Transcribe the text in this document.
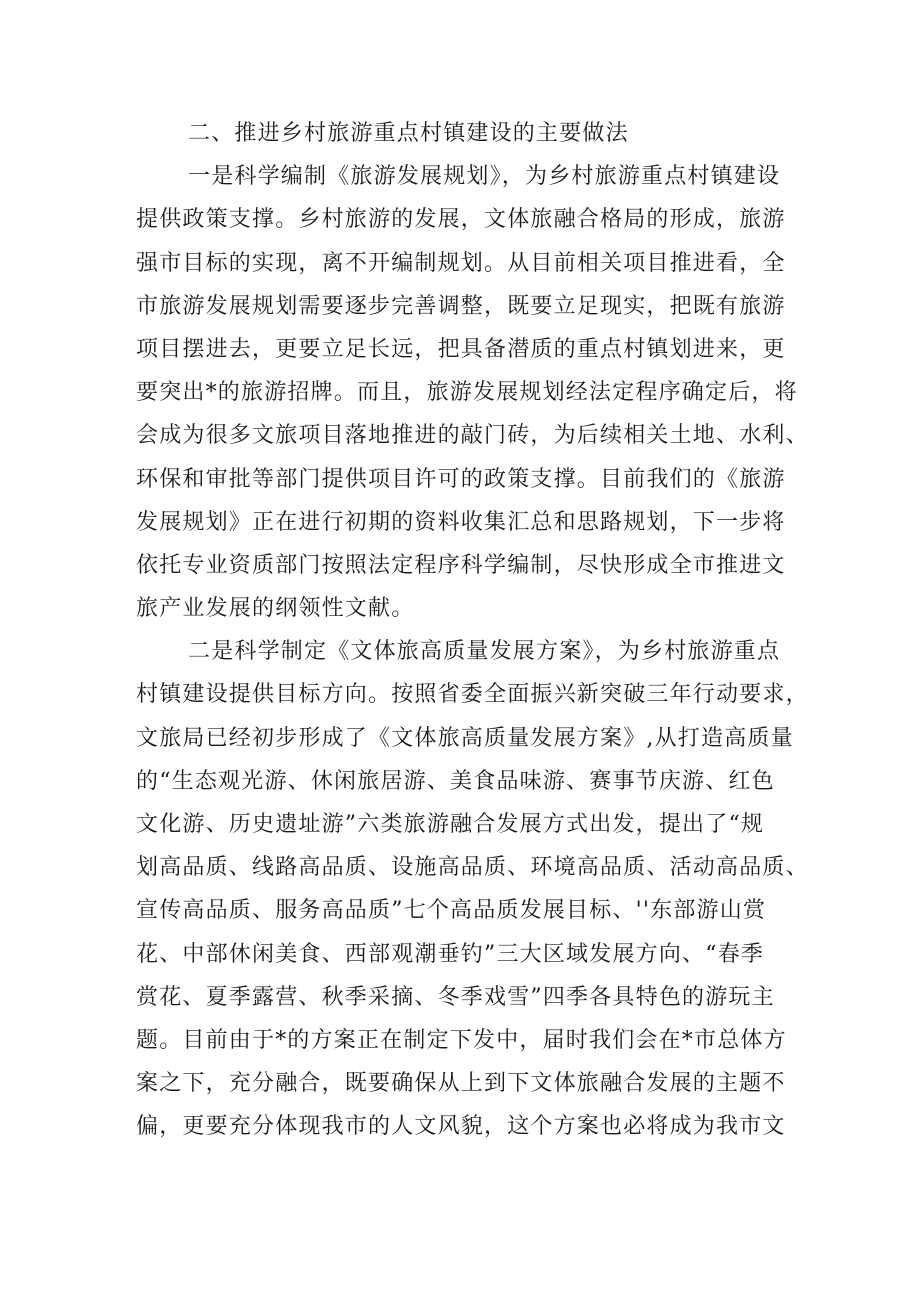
二、推进乡村旅游重点村镇建设的主要做法
一是科学编制《旅游发展规划》，为乡村旅游重点村镇建设
提供政策支撑。乡村旅游的发展，文体旅融合格局的形成，旅游
强市目标的实现，离不开编制规划。从目前相关项目推进看，全
市旅游发展规划需要逐步完善调整，既要立足现实，把既有旅游
项目摆进去，更要立足长远，把具备潜质的重点村镇划进来，更
要突出*的旅游招牌。而且，旅游发展规划经法定程序确定后，将
会成为很多文旅项目落地推进的敲门砖，为后续相关土地、水利、
环保和审批等部门提供项目许可的政策支撑。目前我们的《旅游
发展规划》正在进行初期的资料收集汇总和思路规划，下一步将
依托专业资质部门按照法定程序科学编制，尽快形成全市推进文
旅产业发展的纲领性文献。
二是科学制定《文体旅高质量发展方案》，为乡村旅游重点
村镇建设提供目标方向。按照省委全面振兴新突破三年行动要求，
文旅局已经初步形成了《文体旅高质量发展方案》,从打造高质量
的“生态观光游、休闲旅居游、美食品味游、赛事节庆游、红色
文化游、历史遗址游”六类旅游融合发展方式出发，提出了“规
划高品质、线路高品质、设施高品质、环境高品质、活动高品质、
宣传高品质、服务高品质”七个高品质发展目标、''东部游山赏
花、中部休闲美食、西部观潮垂钓”三大区域发展方向、“春季
赏花、夏季露营、秋季采摘、冬季戏雪”四季各具特色的游玩主
题。目前由于*的方案正在制定下发中，届时我们会在*市总体方
案之下，充分融合，既要确保从上到下文体旅融合发展的主题不
偏，更要充分体现我市的人文风貌，这个方案也必将成为我市文
